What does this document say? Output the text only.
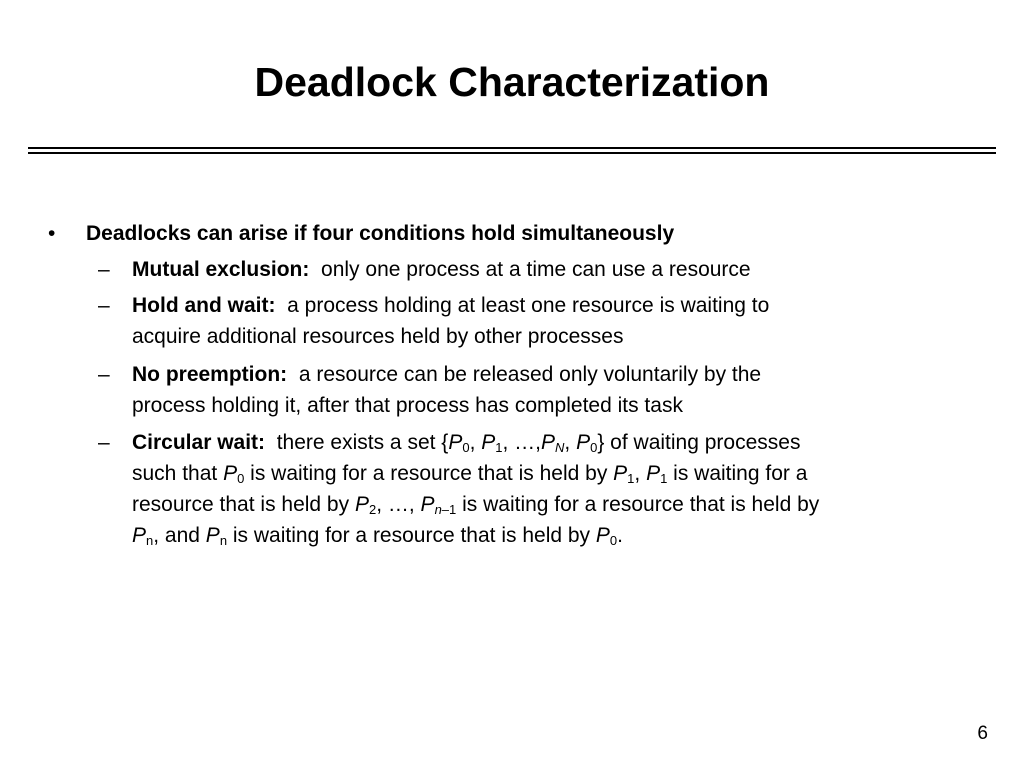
Deadlock Characterization
• Deadlocks can arise if four conditions hold simultaneously
– Mutual exclusion: only one process at a time can use a resource
– Hold and wait: a process holding at least one resource is waiting to
acquire additional resources held by other processes
– No preemption: a resource can be released only voluntarily by the
process holding it, after that process has completed its task
– Circular wait: there exists a set {$P_0$, $P_1$, $\dots,P_N$, $P_0$} of waiting processes
such that $P_0$ is waiting for a resource that is held by $P_1$, $P_1$ is waiting for a
resource that is held by $P_2$, …, $P_{n-1}$ is waiting for a resource that is held by
$P_n$, and $P_n$ is waiting for a resource that is held by $P_0$.
6
